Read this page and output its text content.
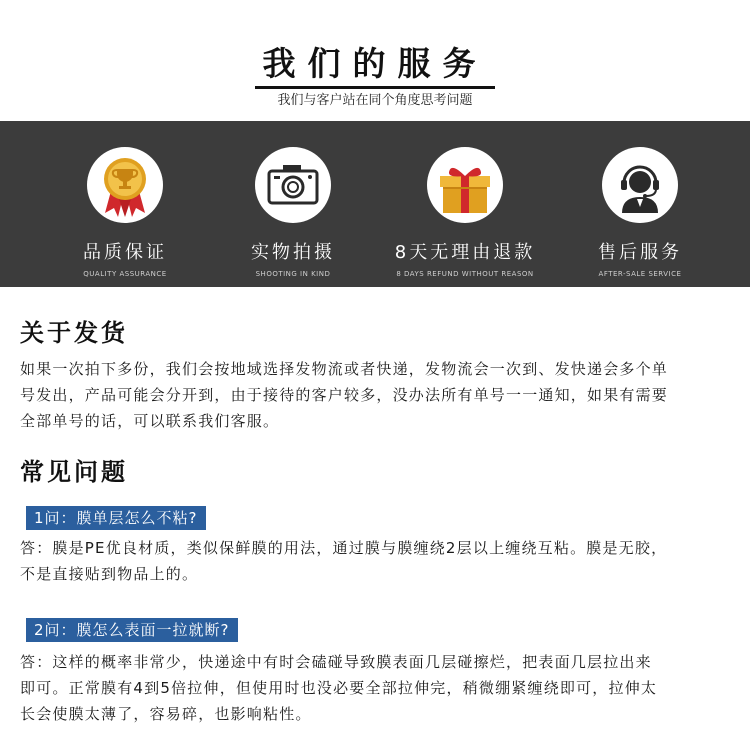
我们的服务
我们与客户站在同个角度思考问题
品质保证
QUALITY ASSURANCE
实物拍摄
SHOOTING IN KIND
8天无理由退款
8 DAYS REFUND WITHOUT REASON
售后服务
AFTER-SALE SERVICE
关于发货
如果一次拍下多份，我们会按地域选择发物流或者快递，发物流会一次到、发快递会多个单
号发出，产品可能会分开到，由于接待的客户较多，没办法所有单号一一通知，如果有需要
全部单号的话，可以联系我们客服。
常见问题
1问：膜单层怎么不粘?
答：膜是PE优良材质，类似保鲜膜的用法，通过膜与膜缠绕2层以上缠绕互粘。膜是无胶，
不是直接贴到物品上的。
2问：膜怎么表面一拉就断?
答：这样的概率非常少，快递途中有时会磕碰导致膜表面几层碰擦烂，把表面几层拉出来
即可。正常膜有4到5倍拉伸，但使用时也没必要全部拉伸完，稍微绷紧缠绕即可，拉伸太
长会使膜太薄了，容易碎，也影响粘性。
